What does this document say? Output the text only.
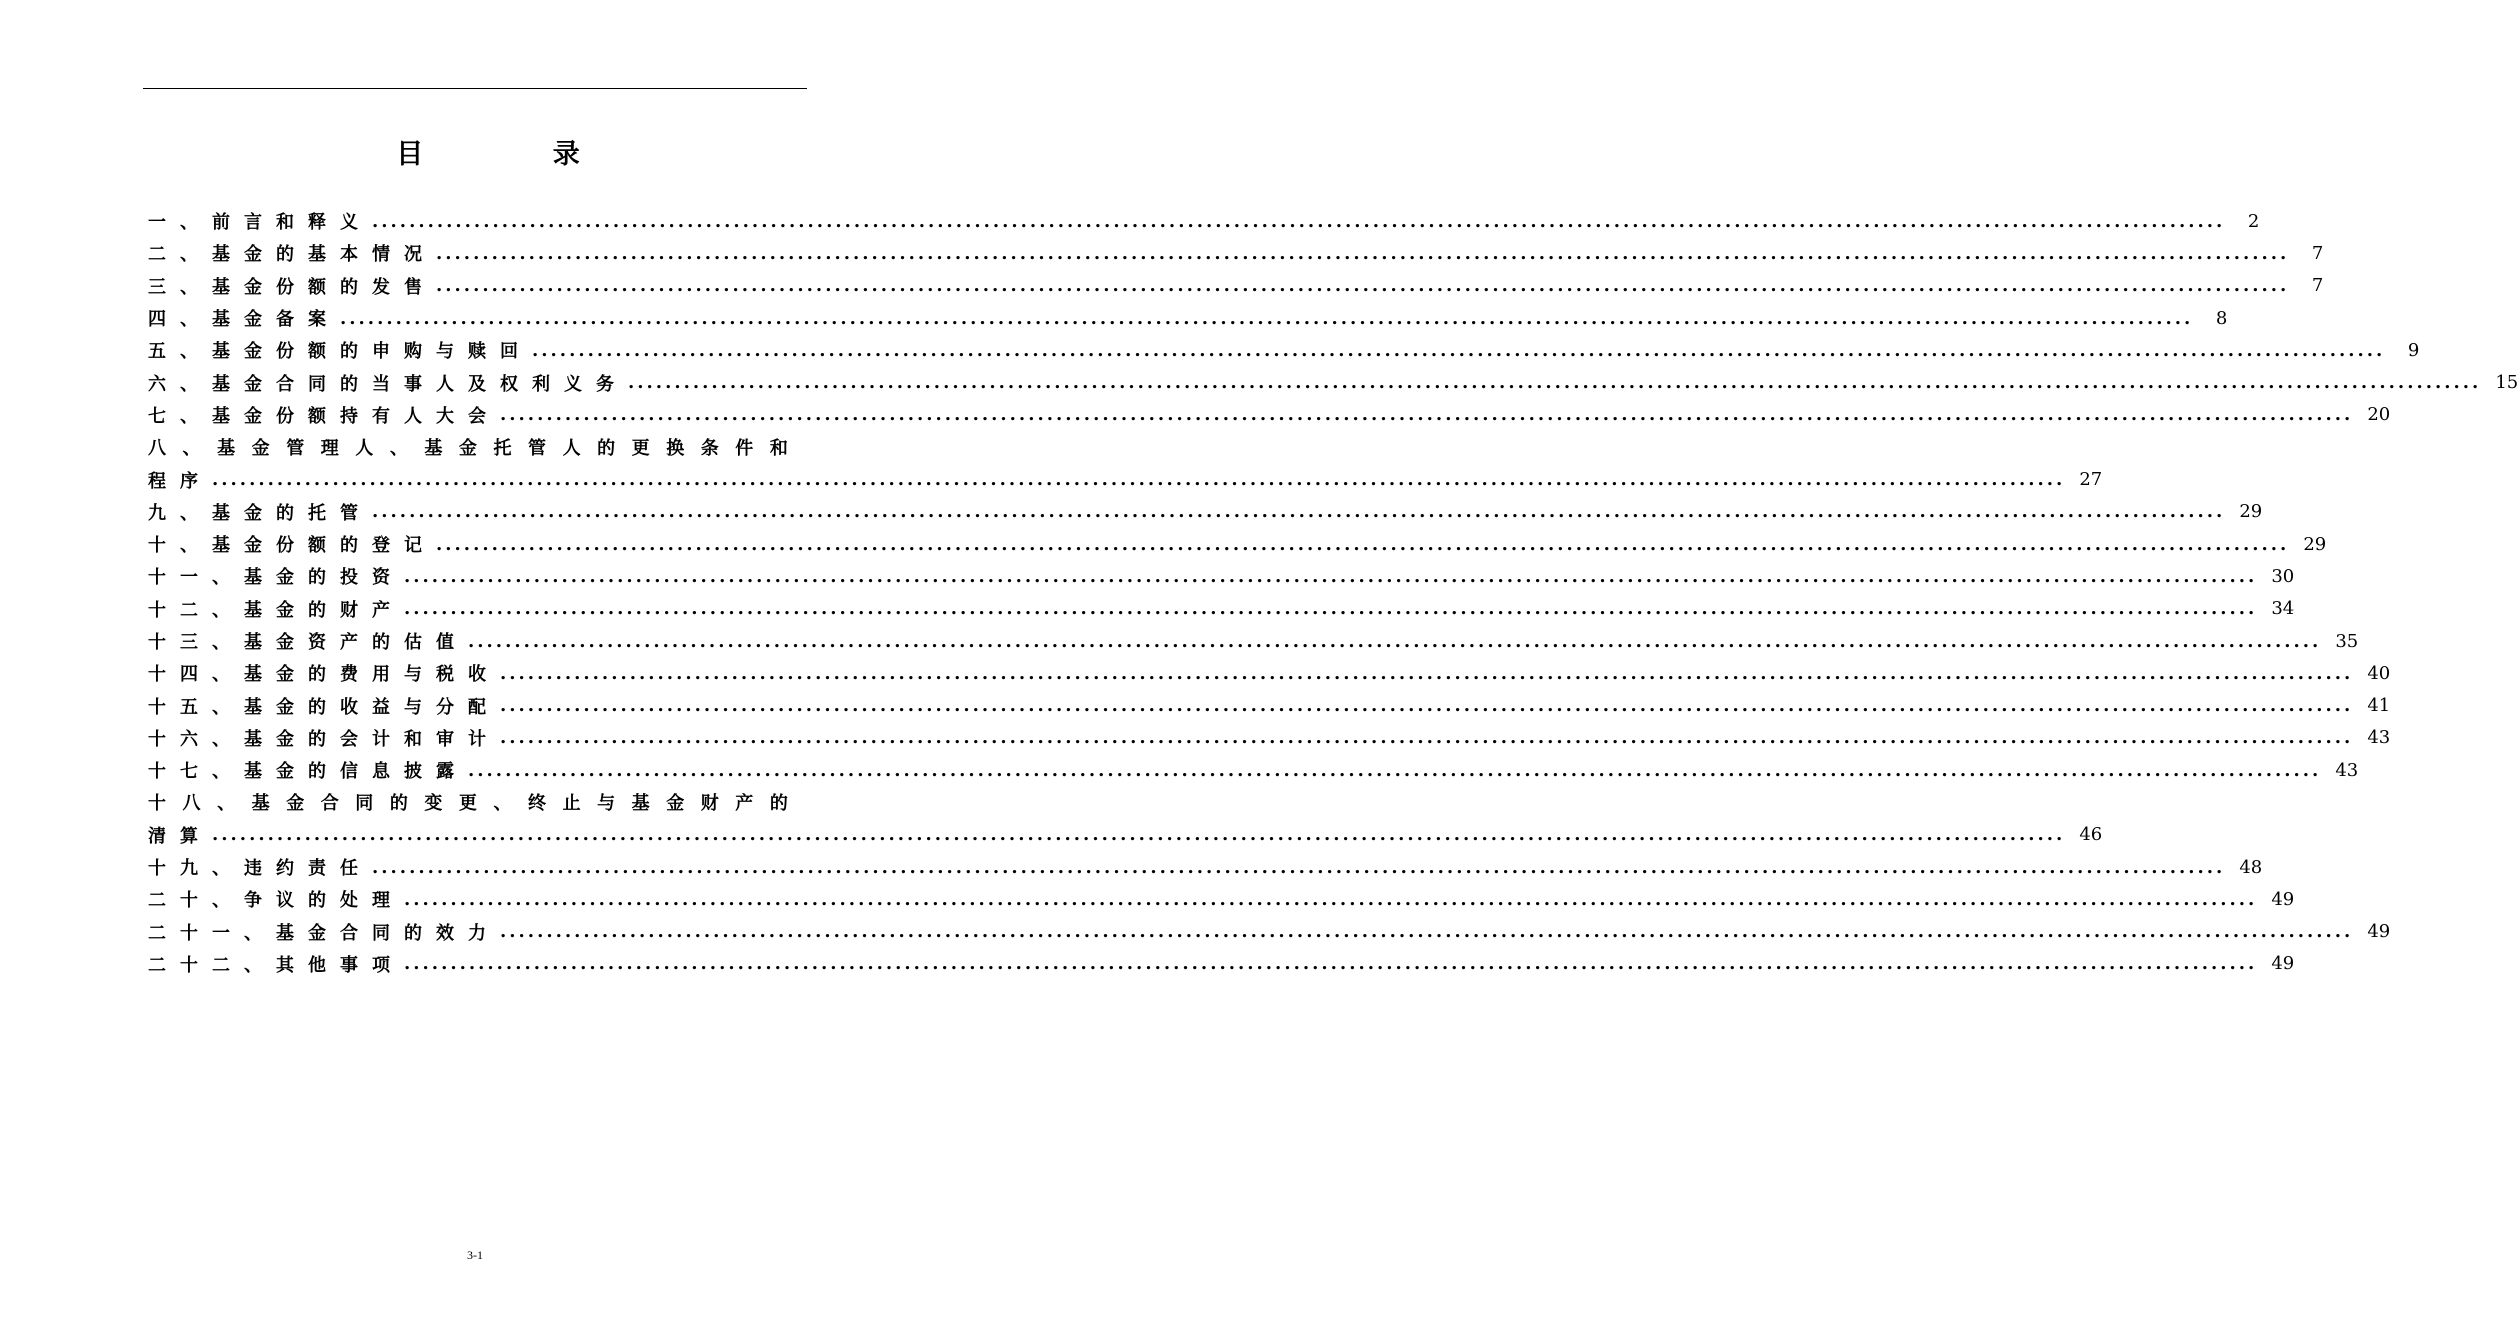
目 录
一、前言和释义 ........................................................................................................................................................................................................	2
二、基金的基本情况 ........................................................................................................................................................................................................	7
三、基金份额的发售 ........................................................................................................................................................................................................	7
四、基金备案 ........................................................................................................................................................................................................	8
五、基金份额的申购与赎回 ........................................................................................................................................................................................................	9
六、基金合同的当事人及权利义务 ........................................................................................................................................................................................................ 15
七、基金份额持有人大会 ........................................................................................................................................................................................................ 20
八 、 基 金 管 理 人 、 基 金 托 管 人 的 更 换 条 件 和
程序 ........................................................................................................................................................................................................ 27
九、基金的托管 ........................................................................................................................................................................................................ 29
十、基金份额的登记 ........................................................................................................................................................................................................ 29
十一、基金的投资 ........................................................................................................................................................................................................ 30
十二、基金的财产 ........................................................................................................................................................................................................ 34
十三、基金资产的估值 ........................................................................................................................................................................................................ 35
十四、基金的费用与税收 ........................................................................................................................................................................................................ 40
十五、基金的收益与分配 ........................................................................................................................................................................................................ 41
十六、基金的会计和审计 ........................................................................................................................................................................................................ 43
十七、基金的信息披露 ........................................................................................................................................................................................................ 43
十 八 、 基 金 合 同 的 变 更 、 终 止 与 基 金 财 产 的
清算 ........................................................................................................................................................................................................ 46
十九、违约责任 ........................................................................................................................................................................................................ 48
二十、争议的处理 ........................................................................................................................................................................................................ 49
二十一、基金合同的效力 ........................................................................................................................................................................................................ 49
二十二、其他事项 ........................................................................................................................................................................................................ 49
3-1
